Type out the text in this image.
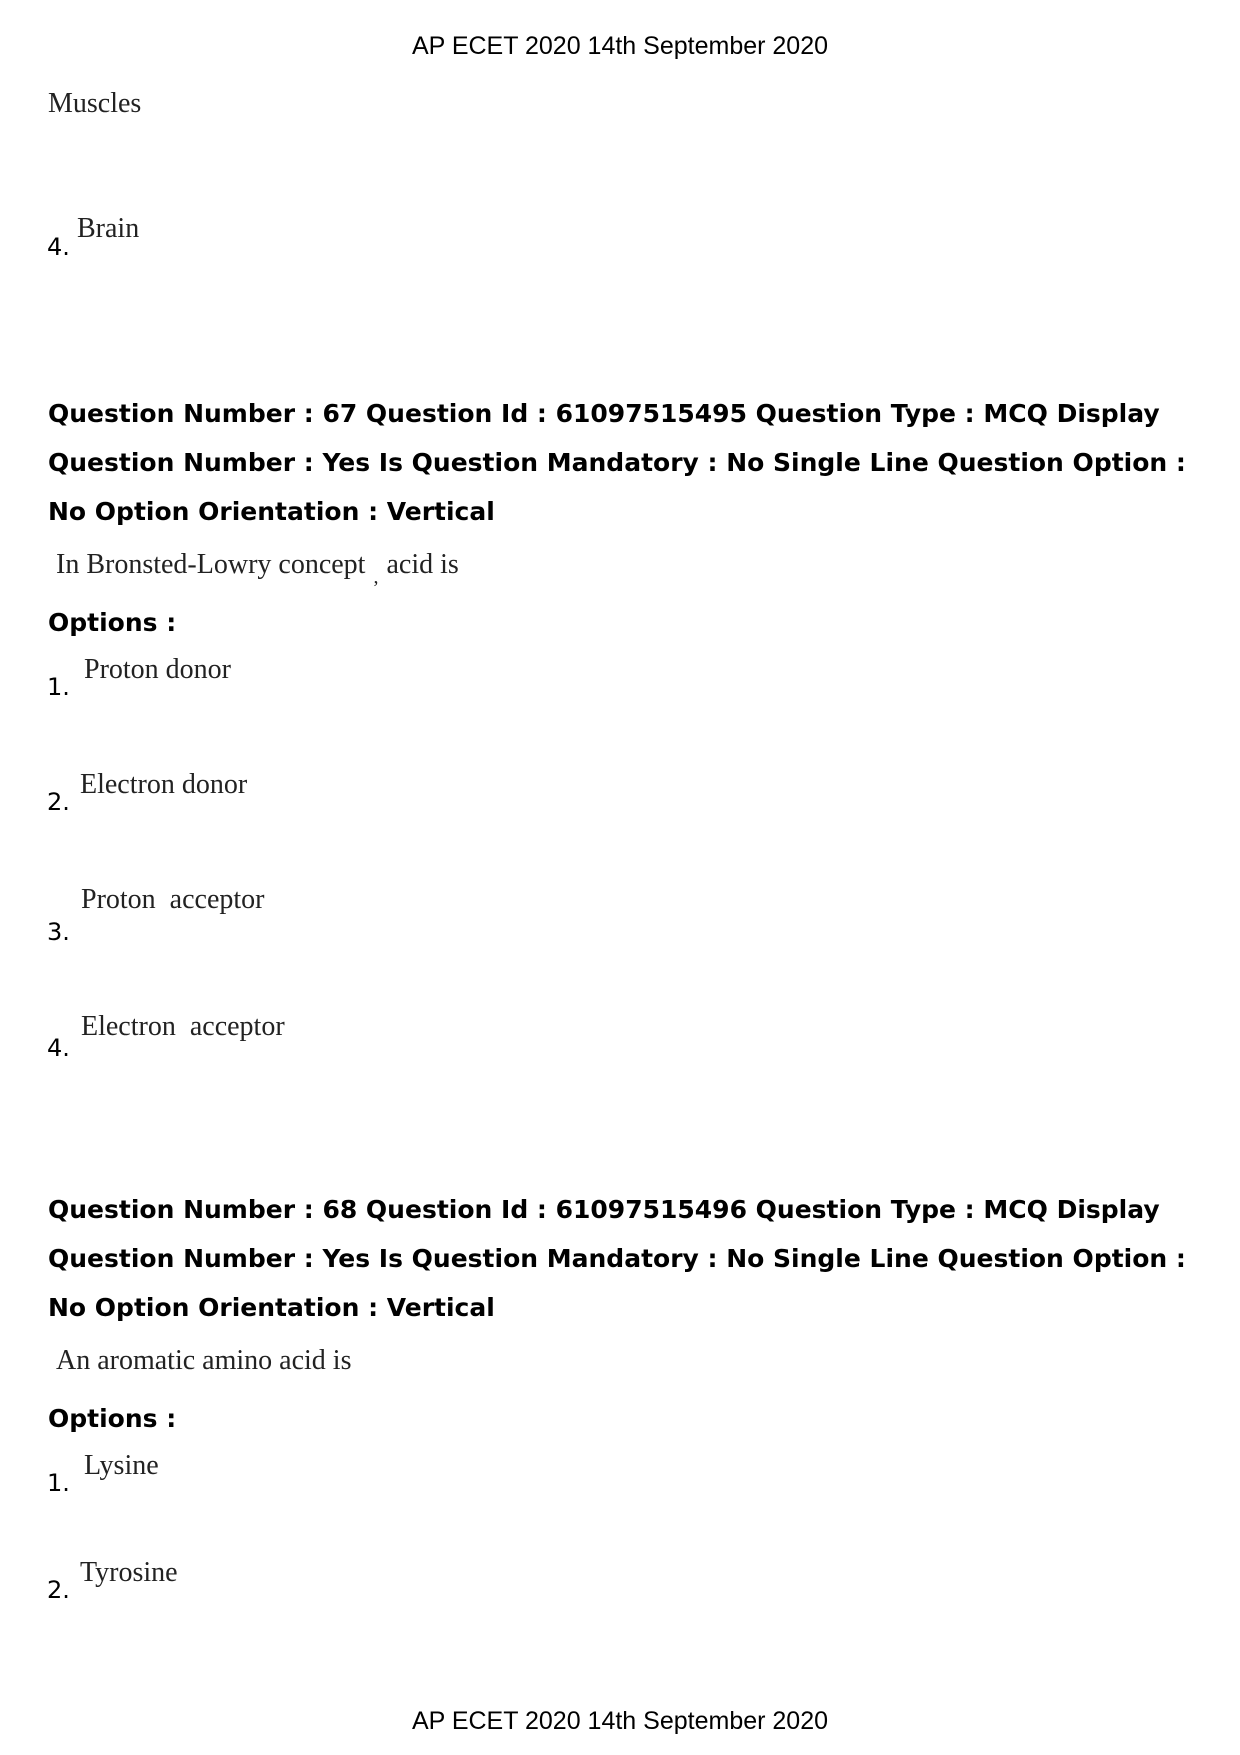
AP ECET 2020 14th September 2020
Muscles
4.
Brain
Question Number : 67 Question Id : 61097515495 Question Type : MCQ Display Question Number : Yes Is Question Mandatory : No Single Line Question Option : No Option Orientation : Vertical
In Bronsted-Lowry concept $_,$ acid is
Options :
1.
Proton donor
2.
Electron donor
3.
Proton  acceptor
4.
Electron  acceptor
Question Number : 68 Question Id : 61097515496 Question Type : MCQ Display Question Number : Yes Is Question Mandatory : No Single Line Question Option : No Option Orientation : Vertical
An aromatic amino acid is
Options :
1.
Lysine
2.
Tyrosine
AP ECET 2020 14th September 2020
